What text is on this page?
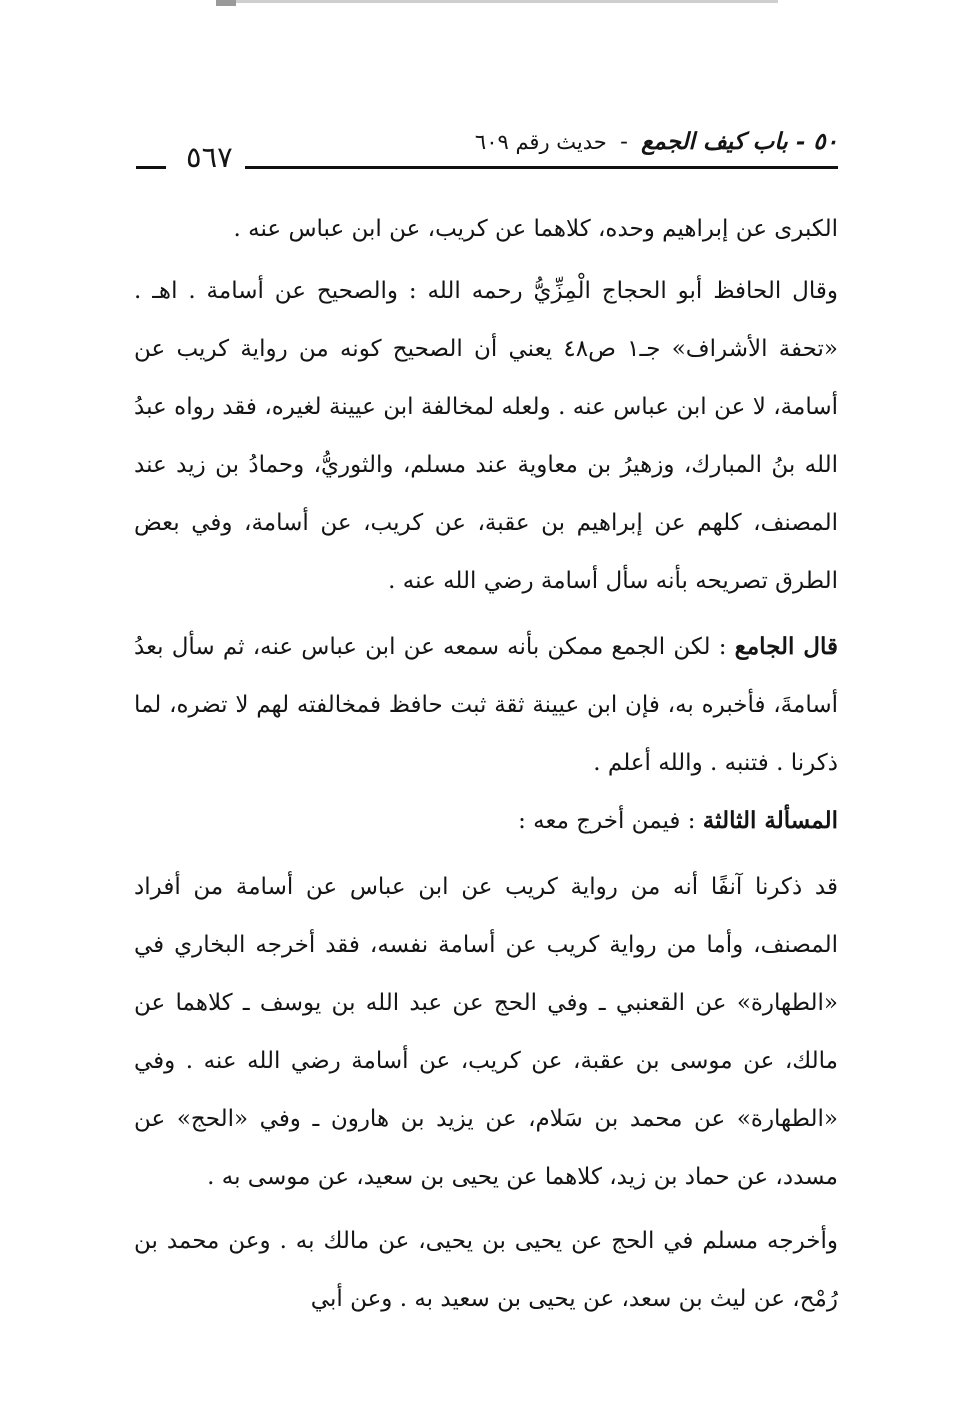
٥٠ - باب كيف الجمع - حديث رقم ٦٠٩
٥٦٧

الكبرى عن إبراهيم وحده، كلاهما عن كريب، عن ابن عباس عنه .

وقال الحافظ أبو الحجاج الْمِزِّيُّ رحمه الله : والصحيح عن أسامة . اهـ . «تحفة الأشراف» جـ١ ص٤٨ يعني أن الصحيح كونه من رواية كريب عن أسامة، لا عن ابن عباس عنه . ولعله لمخالفة ابن عيينة لغيره، فقد رواه عبدُ الله بنُ المبارك، وزهيرُ بن معاوية عند مسلم، والثوريُّ، وحمادُ بن زيد عند المصنف، كلهم عن إبراهيم بن عقبة، عن كريب، عن أسامة، وفي بعض الطرق تصريحه بأنه سأل أسامة رضي الله عنه .

قال الجامع : لكن الجمع ممكن بأنه سمعه عن ابن عباس عنه، ثم سأل بعدُ أسامةَ، فأخبره به، فإن ابن عيينة ثقة ثبت حافظ فمخالفته لهم لا تضره، لما ذكرنا . فتنبه . والله أعلم .

المسألة الثالثة : فيمن أخرج معه :

قد ذكرنا آنفًا أنه من رواية كريب عن ابن عباس عن أسامة من أفراد المصنف، وأما من رواية كريب عن أسامة نفسه، فقد أخرجه البخاري في «الطهارة» عن القعنبي ـ وفي الحج عن عبد الله بن يوسف ـ كلاهما عن مالك، عن موسى بن عقبة، عن كريب، عن أسامة رضي الله عنه . وفي «الطهارة» عن محمد بن سَلام، عن يزيد بن هارون ـ وفي «الحج» عن مسدد، عن حماد بن زيد، كلاهما عن يحيى بن سعيد، عن موسى به .

وأخرجه مسلم في الحج عن يحيى بن يحيى، عن مالك به . وعن محمد بن رُمْح، عن ليث بن سعد، عن يحيى بن سعيد به . وعن أبي
